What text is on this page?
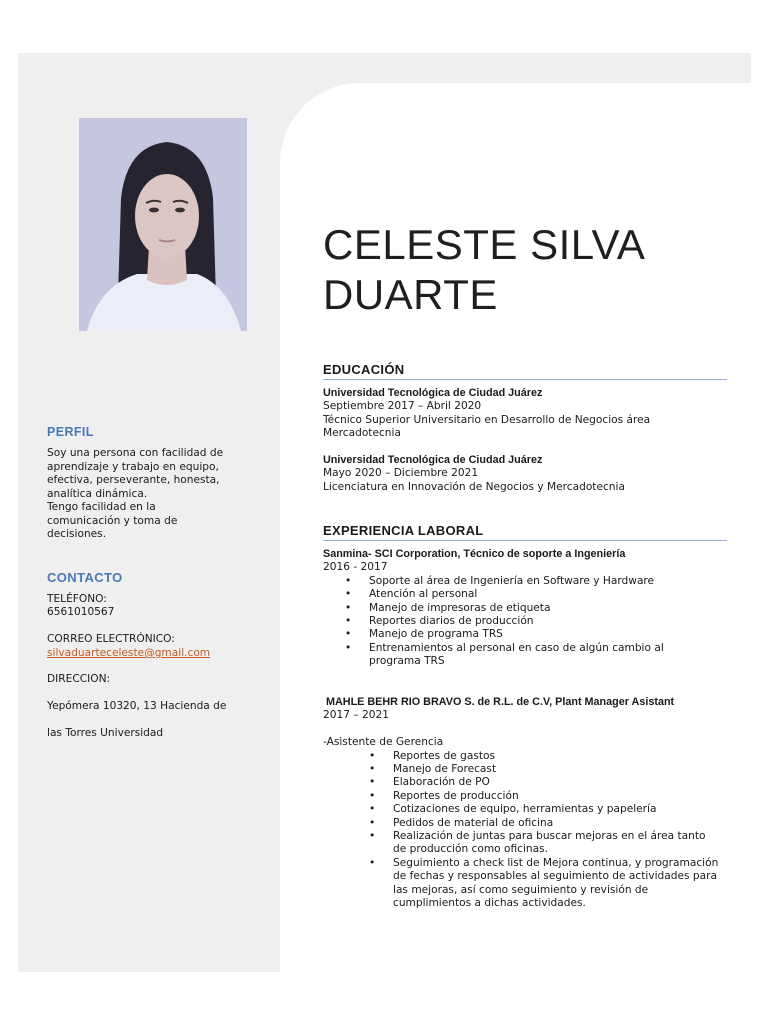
PERFIL
Soy una persona con facilidad de
aprendizaje y trabajo en equipo,
efectiva, perseverante, honesta,
analítica dinámica.
Tengo facilidad en la
comunicación y toma de
decisiones.
CONTACTO
TELÉFONO:
6561010567
CORREO ELECTRÓNICO:
silvaduarteceleste@gmail.com
DIRECCION:
Yepómera 10320, 13 Hacienda de
las Torres Universidad
CELESTE SILVA
DUARTE
EDUCACIÓN
Universidad Tecnológica de Ciudad Juárez
Septiembre 2017 – Abril 2020
Técnico Superior Universitario en Desarrollo de Negocios área
Mercadotecnia
Universidad Tecnológica de Ciudad Juárez
Mayo 2020 – Diciembre 2021
Licenciatura en Innovación de Negocios y Mercadotecnia
EXPERIENCIA LABORAL
Sanmina- SCI Corporation, Técnico de soporte a Ingeniería
2016 - 2017
• Soporte al área de Ingeniería en Software y Hardware
• Atención al personal
• Manejo de impresoras de etiqueta
• Reportes diarios de producción
• Manejo de programa TRS
• Entrenamientos al personal en caso de algún cambio al programa TRS
MAHLE BEHR RIO BRAVO S. de R.L. de C.V, Plant Manager Asistant
2017 – 2021
-Asistente de Gerencia
• Reportes de gastos
• Manejo de Forecast
• Elaboración de PO
• Reportes de producción
• Cotizaciones de equipo, herramientas y papelería
• Pedidos de material de oficina
• Realización de juntas para buscar mejoras en el área tanto de producción como oficinas.
• Seguimiento a check list de Mejora continua, y programación de fechas y responsables al seguimiento de actividades para las mejoras, así como seguimiento y revisión de cumplimientos a dichas actividades.
